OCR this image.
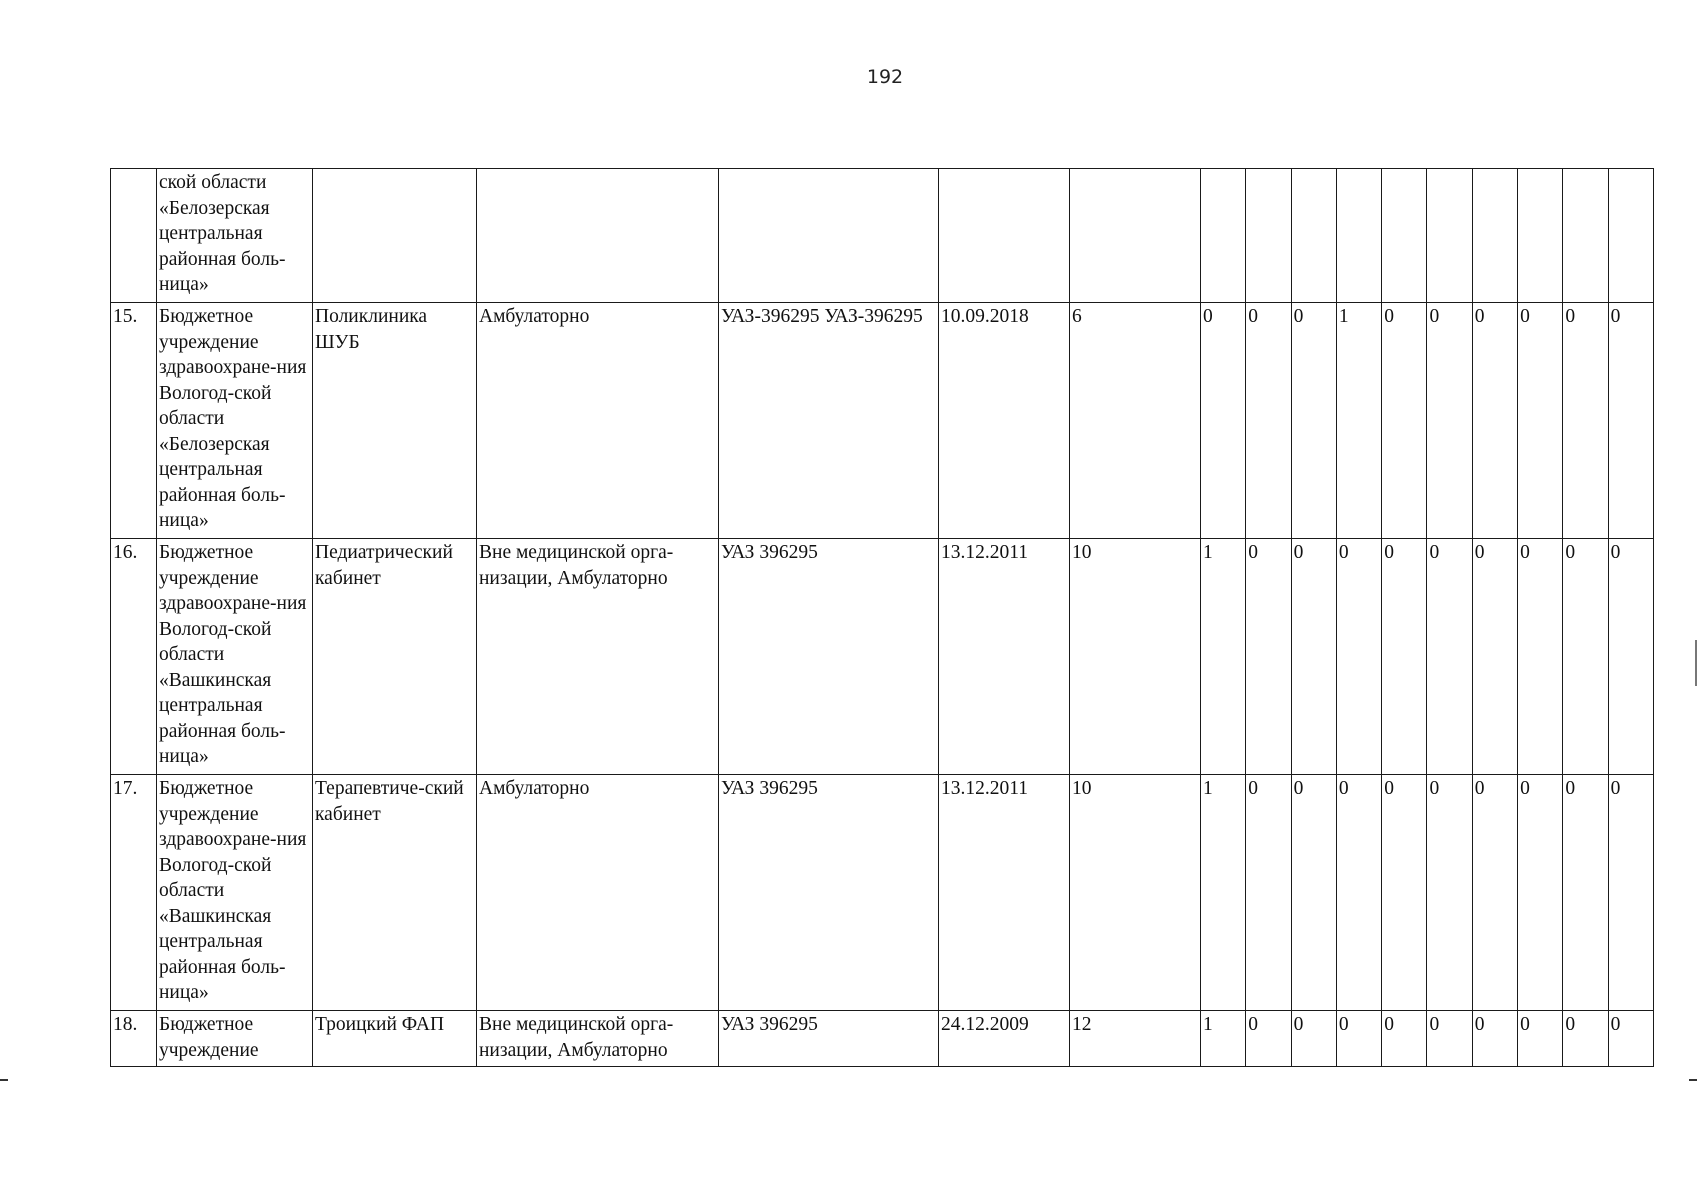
192
	ской области «Белозерская центральная районная боль-ница»															
15.	Бюджетное учреждение здравоохране-ния Вологод-ской области «Белозерская центральная районная боль-ница»	Поликлиника ШУБ	Амбулаторно	УАЗ-396295 УАЗ-396295	10.09.2018	6	0	0	0	1	0	0	0	0	0	0
16.	Бюджетное учреждение здравоохране-ния Вологод-ской области «Вашкинская центральная районная боль-ница»	Педиатрический кабинет	Вне медицинской орга-низации, Амбулаторно	УАЗ 396295	13.12.2011	10	1	0	0	0	0	0	0	0	0	0
17.	Бюджетное учреждение здравоохране-ния Вологод-ской области «Вашкинская центральная районная боль-ница»	Терапевтиче-ский кабинет	Амбулаторно	УАЗ 396295	13.12.2011	10	1	0	0	0	0	0	0	0	0	0
18.	Бюджетное учреждение	Троицкий ФАП	Вне медицинской орга-низации, Амбулаторно	УАЗ 396295	24.12.2009	12	1	0	0	0	0	0	0	0	0	0
